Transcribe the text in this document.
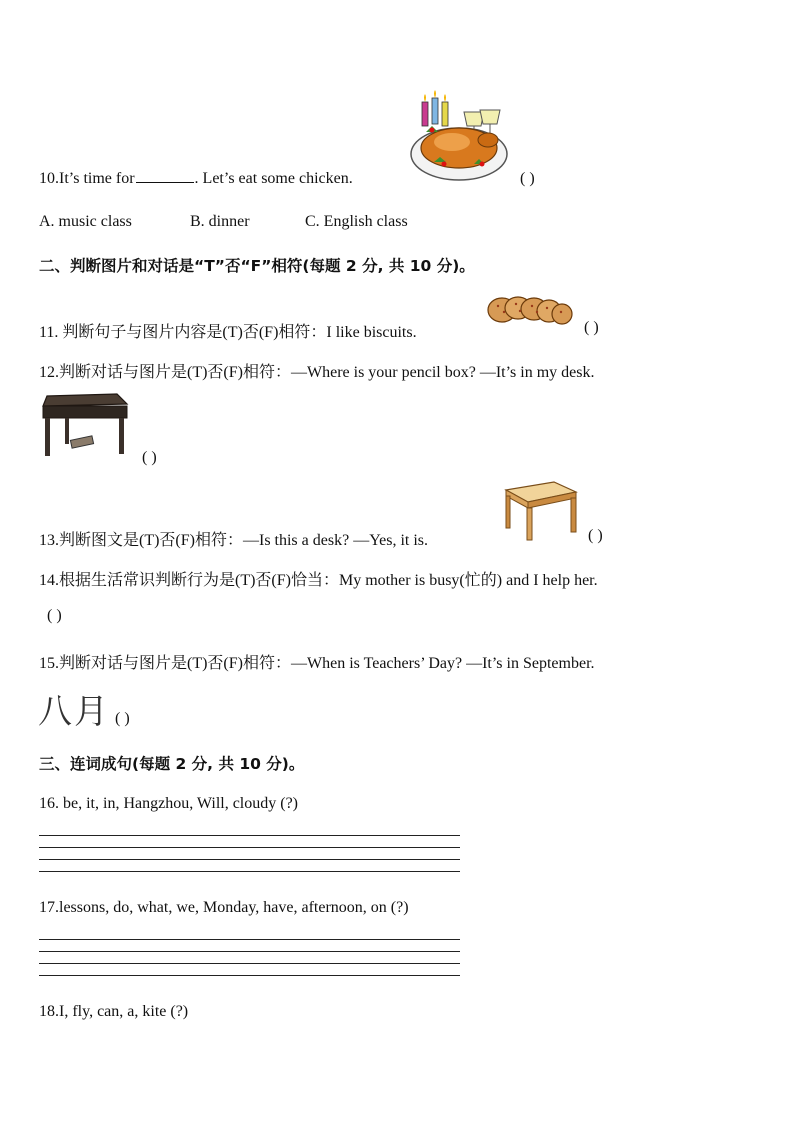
10.It’s time for	. Let’s eat some chicken.	( )
A. music class	B. dinner	C. English class
二、判断图片和对话是“T”否“F”相符(每题 2 分, 共 10 分)。
11. 判断句子与图片内容是(T)否(F)相符：I like biscuits.	( )
12.判断对话与图片是(T)否(F)相符：—Where is your pencil box? —It’s in my desk.
( )
13.判断图文是(T)否(F)相符：—Is this a desk? —Yes, it is.	( )
14.根据生活常识判断行为是(T)否(F)恰当：My mother is busy(忙的) and I help her.
( )
15.判断对话与图片是(T)否(F)相符：—When is Teachers’ Day? —It’s in September.
八月 ( )
三、连词成句(每题 2 分, 共 10 分)。
16. be, it, in, Hangzhou, Will, cloudy (?)
17.lessons, do, what, we, Monday, have, afternoon, on (?)
18.I, fly, can, a, kite (?)
